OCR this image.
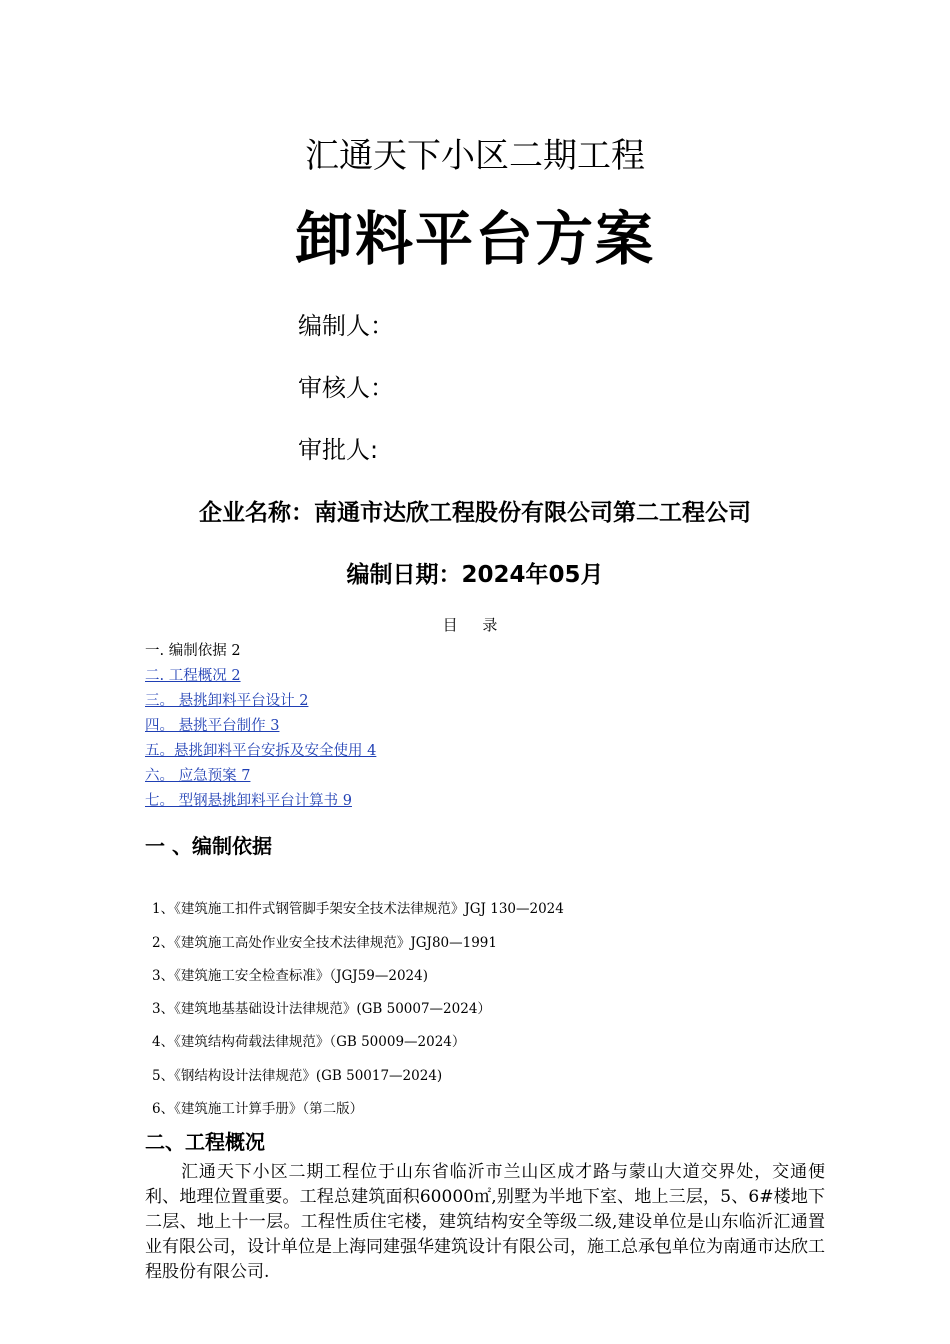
汇通天下小区二期工程
卸料平台方案
编制人：
审核人：
审批人:
企业名称：南通市达欣工程股份有限公司第二工程公司
编制日期：2024年05月
目 录
一. 编制依据 2
二. 工程概况 2
三。 悬挑卸料平台设计 2
四。 悬挑平台制作 3
五。悬挑卸料平台安拆及安全使用 4
六。 应急预案 7
七。 型钢悬挑卸料平台计算书 9
一 、编制依据
1、《建筑施工扣件式钢管脚手架安全技术法律规范》JGJ 130—2024
2、《建筑施工高处作业安全技术法律规范》JGJ80—1991
3、《建筑施工安全检查标准》（JGJ59—2024)
3、《建筑地基基础设计法律规范》(GB 50007—2024）
4、《建筑结构荷载法律规范》（GB 50009—2024）
5、《钢结构设计法律规范》(GB 50017—2024)
6、《建筑施工计算手册》（第二版）
二、工程概况
汇通天下小区二期工程位于山东省临沂市兰山区成才路与蒙山大道交界处，交通便利、地理位置重要。工程总建筑面积60000㎡,别墅为半地下室、地上三层，5、6#楼地下二层、地上十一层。工程性质住宅楼，建筑结构安全等级二级,建设单位是山东临沂汇通置业有限公司，设计单位是上海同建强华建筑设计有限公司，施工总承包单位为南通市达欣工程股份有限公司.
